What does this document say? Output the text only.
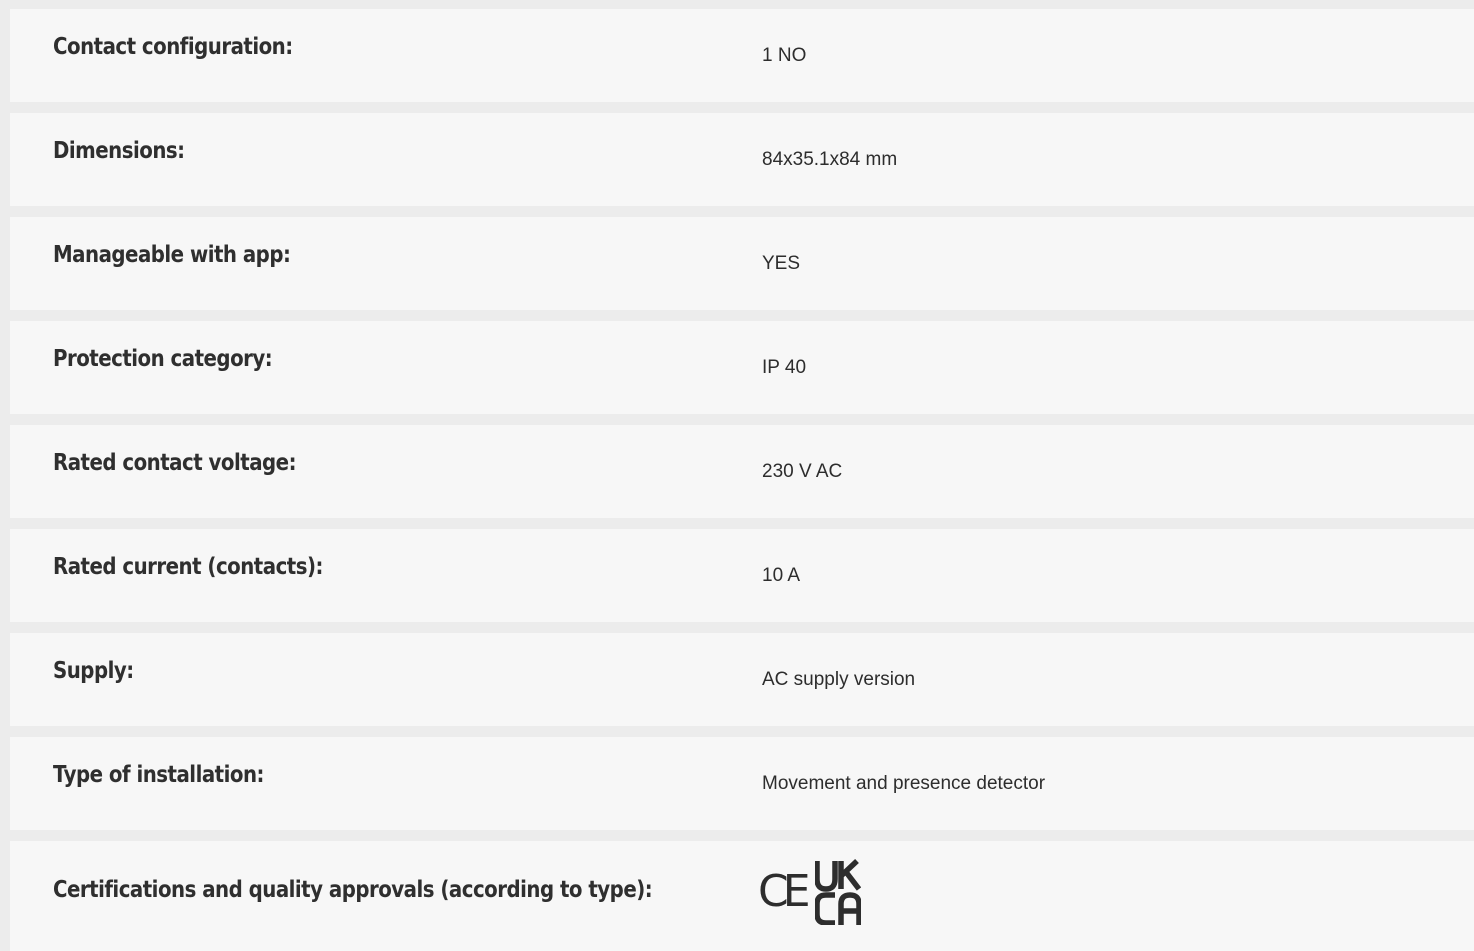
Contact configuration:	1 NO
Dimensions:	84x35.1x84 mm
Manageable with app:	YES
Protection category:	IP 40
Rated contact voltage:	230 V AC
Rated current (contacts):	10 A
Supply:	AC supply version
Type of installation:	Movement and presence detector
Certifications and quality approvals (according to type): CE
